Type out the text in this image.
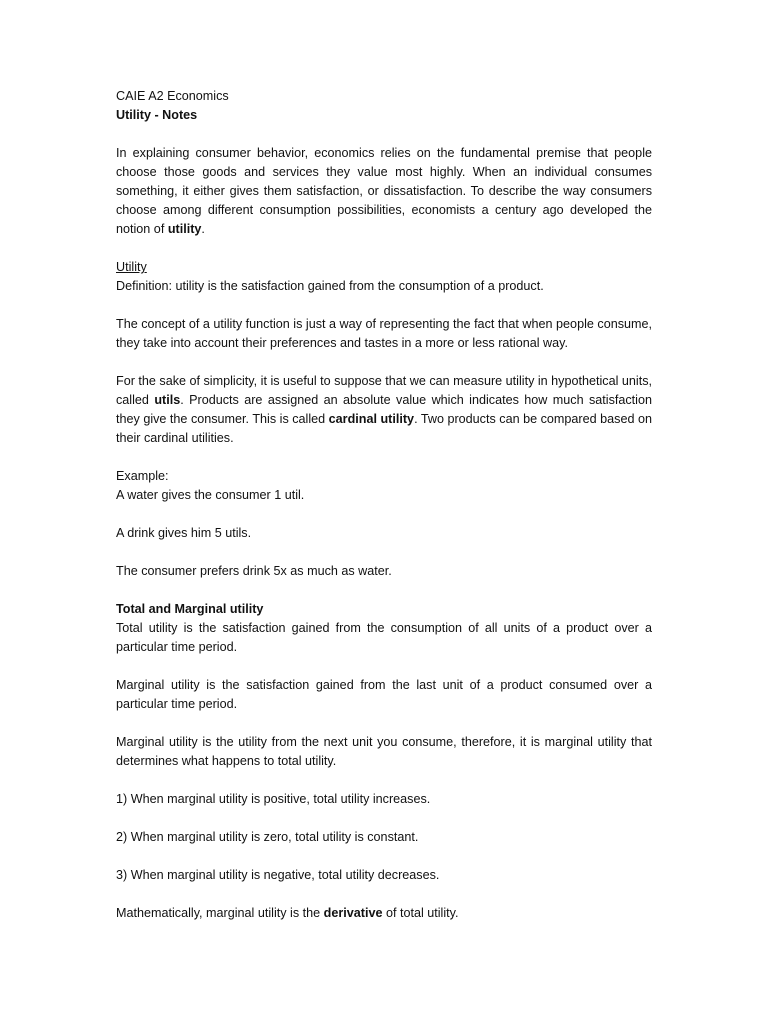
CAIE A2 Economics
Utility - Notes
In explaining consumer behavior, economics relies on the fundamental premise that people choose those goods and services they value most highly. When an individual consumes something, it either gives them satisfaction, or dissatisfaction. To describe the way consumers choose among different consumption possibilities, economists a century ago developed the notion of utility.
Utility
Definition: utility is the satisfaction gained from the consumption of a product.
The concept of a utility function is just a way of representing the fact that when people consume, they take into account their preferences and tastes in a more or less rational way.
For the sake of simplicity, it is useful to suppose that we can measure utility in hypothetical units, called utils. Products are assigned an absolute value which indicates how much satisfaction they give the consumer. This is called cardinal utility. Two products can be compared based on their cardinal utilities.
Example:
A water gives the consumer 1 util.
A drink gives him 5 utils.
The consumer prefers drink 5x as much as water.
Total and Marginal utility
Total utility is the satisfaction gained from the consumption of all units of a product over a particular time period.
Marginal utility is the satisfaction gained from the last unit of a product consumed over a particular time period.
Marginal utility is the utility from the next unit you consume, therefore, it is marginal utility that determines what happens to total utility.
1) When marginal utility is positive, total utility increases.
2) When marginal utility is zero, total utility is constant.
3) When marginal utility is negative, total utility decreases.
Mathematically, marginal utility is the derivative of total utility.
